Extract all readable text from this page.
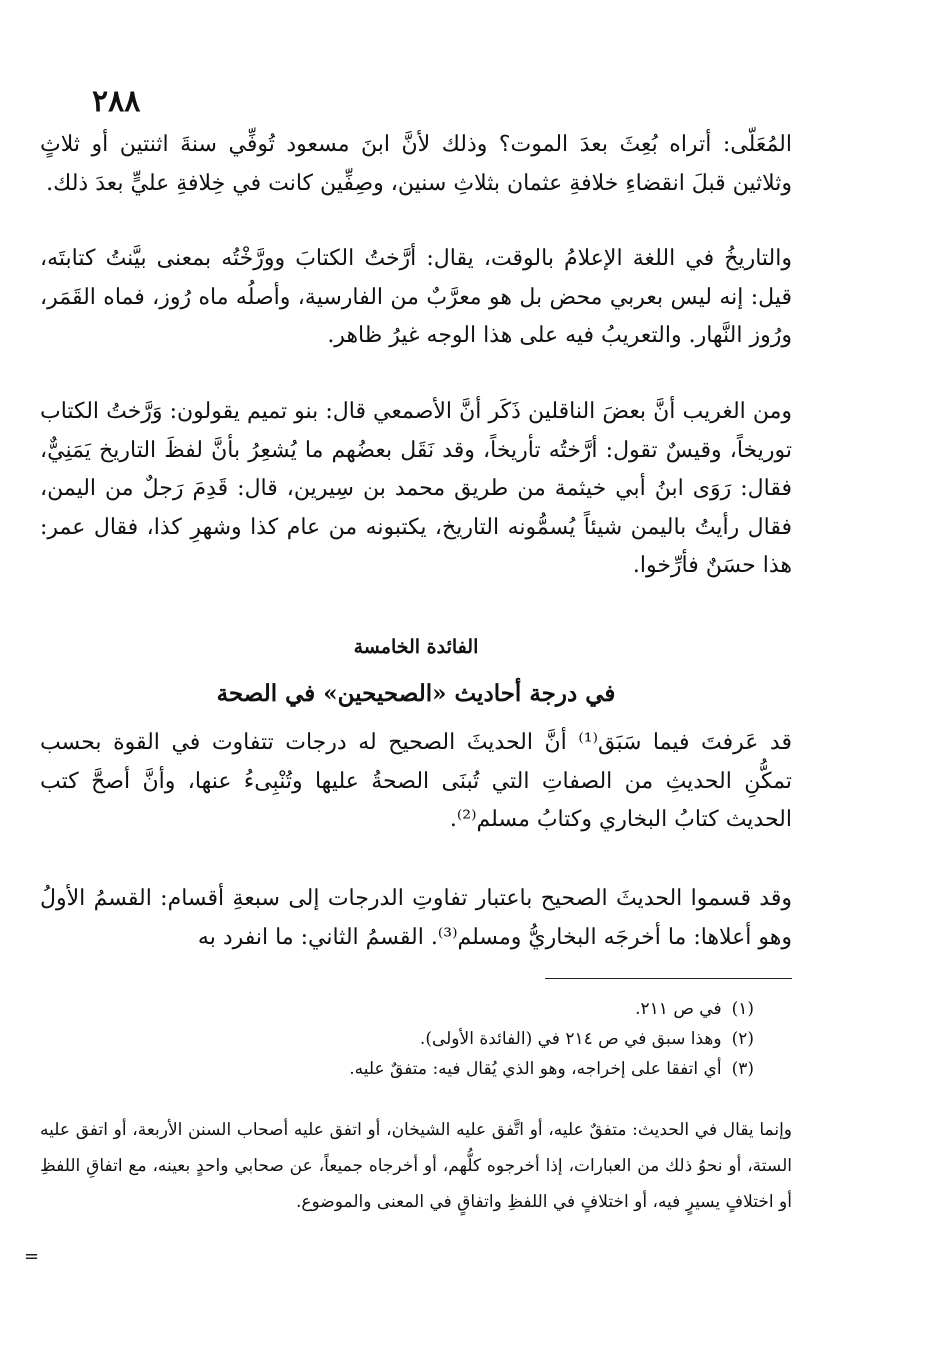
٢٨٨

المُعَلّى: أتراه بُعِثَ بعدَ الموت؟ وذلك لأنَّ ابنَ مسعود تُوفِّي سنةَ اثنتين أو ثلاثٍ وثلاثين قبلَ انقضاءِ خلافةِ عثمان بثلاثِ سنين، وصِفِّين كانت في خِلافةِ عليٍّ بعدَ ذلك.

والتاريخُ في اللغة الإعلامُ بالوقت، يقال: أرَّختُ الكتابَ وورَّخْتُه بمعنى بيَّنتُ كتابتَه، قيل: إنه ليس بعربي محض بل هو معرَّبٌ من الفارسية، وأصلُه ماه رُوز، فماه القَمَر، ورُوز النَّهار. والتعريبُ فيه على هذا الوجه غيرُ ظاهر.

ومن الغريب أنَّ بعضَ الناقلين ذَكَر أنَّ الأصمعي قال: بنو تميم يقولون: وَرَّختُ الكتاب توريخاً، وقيسٌ تقول: أرَّختُه تأريخاً، وقد نَقَل بعضُهم ما يُشعِرُ بأنَّ لفظَ التاريخ يَمَنِيٌّ، فقال: رَوَى ابنُ أبي خيثمة من طريق محمد بن سِيرين، قال: قَدِمَ رَجلٌ من اليمن، فقال رأيتُ باليمن شيئاً يُسمُّونه التاريخ، يكتبونه من عام كذا وشهرِ كذا، فقال عمر: هذا حسَنٌ فأرِّخوا.

الفائدة الخامسة
في درجة أحاديث «الصحيحين» في الصحة

قد عَرفتَ فيما سَبَق⁽¹⁾ أنَّ الحديثَ الصحيح له درجات تتفاوت في القوة بحسب تمكُّنِ الحديثِ من الصفاتِ التي تُبنَى الصحةُ عليها وتُنْبِىءُ عنها، وأنَّ أصحَّ كتب الحديث كتابُ البخاري وكتابُ مسلم⁽²⁾.

وقد قسموا الحديثَ الصحيح باعتبار تفاوتِ الدرجات إلى سبعةِ أقسام: القسمُ الأولُ وهو أعلاها: ما أخرجَه البخاريُّ ومسلم⁽³⁾. القسمُ الثاني: ما انفرد به

(١)في ص ٢١١.
(٢)وهذا سبق في ص ٢١٤ في (الفائدة الأولى).
(٣)أي اتفقا على إخراجه، وهو الذي يُقال فيه: متفقٌ عليه.

وإنما يقال في الحديث: متفقٌ عليه، أو اتَّفق عليه الشيخان، أو اتفق عليه أصحاب السنن الأربعة، أو اتفق عليه الستة، أو نحوُ ذلك من العبارات، إذا أخرجوه كلُّهم، أو أخرجاه جميعاً، عن صحابي واحدٍ بعينه، مع اتفاقِ اللفظِ أو اختلافٍ يسيرٍ فيه، أو اختلافٍ في اللفظِ واتفاقٍ في المعنى والموضوع.

=
